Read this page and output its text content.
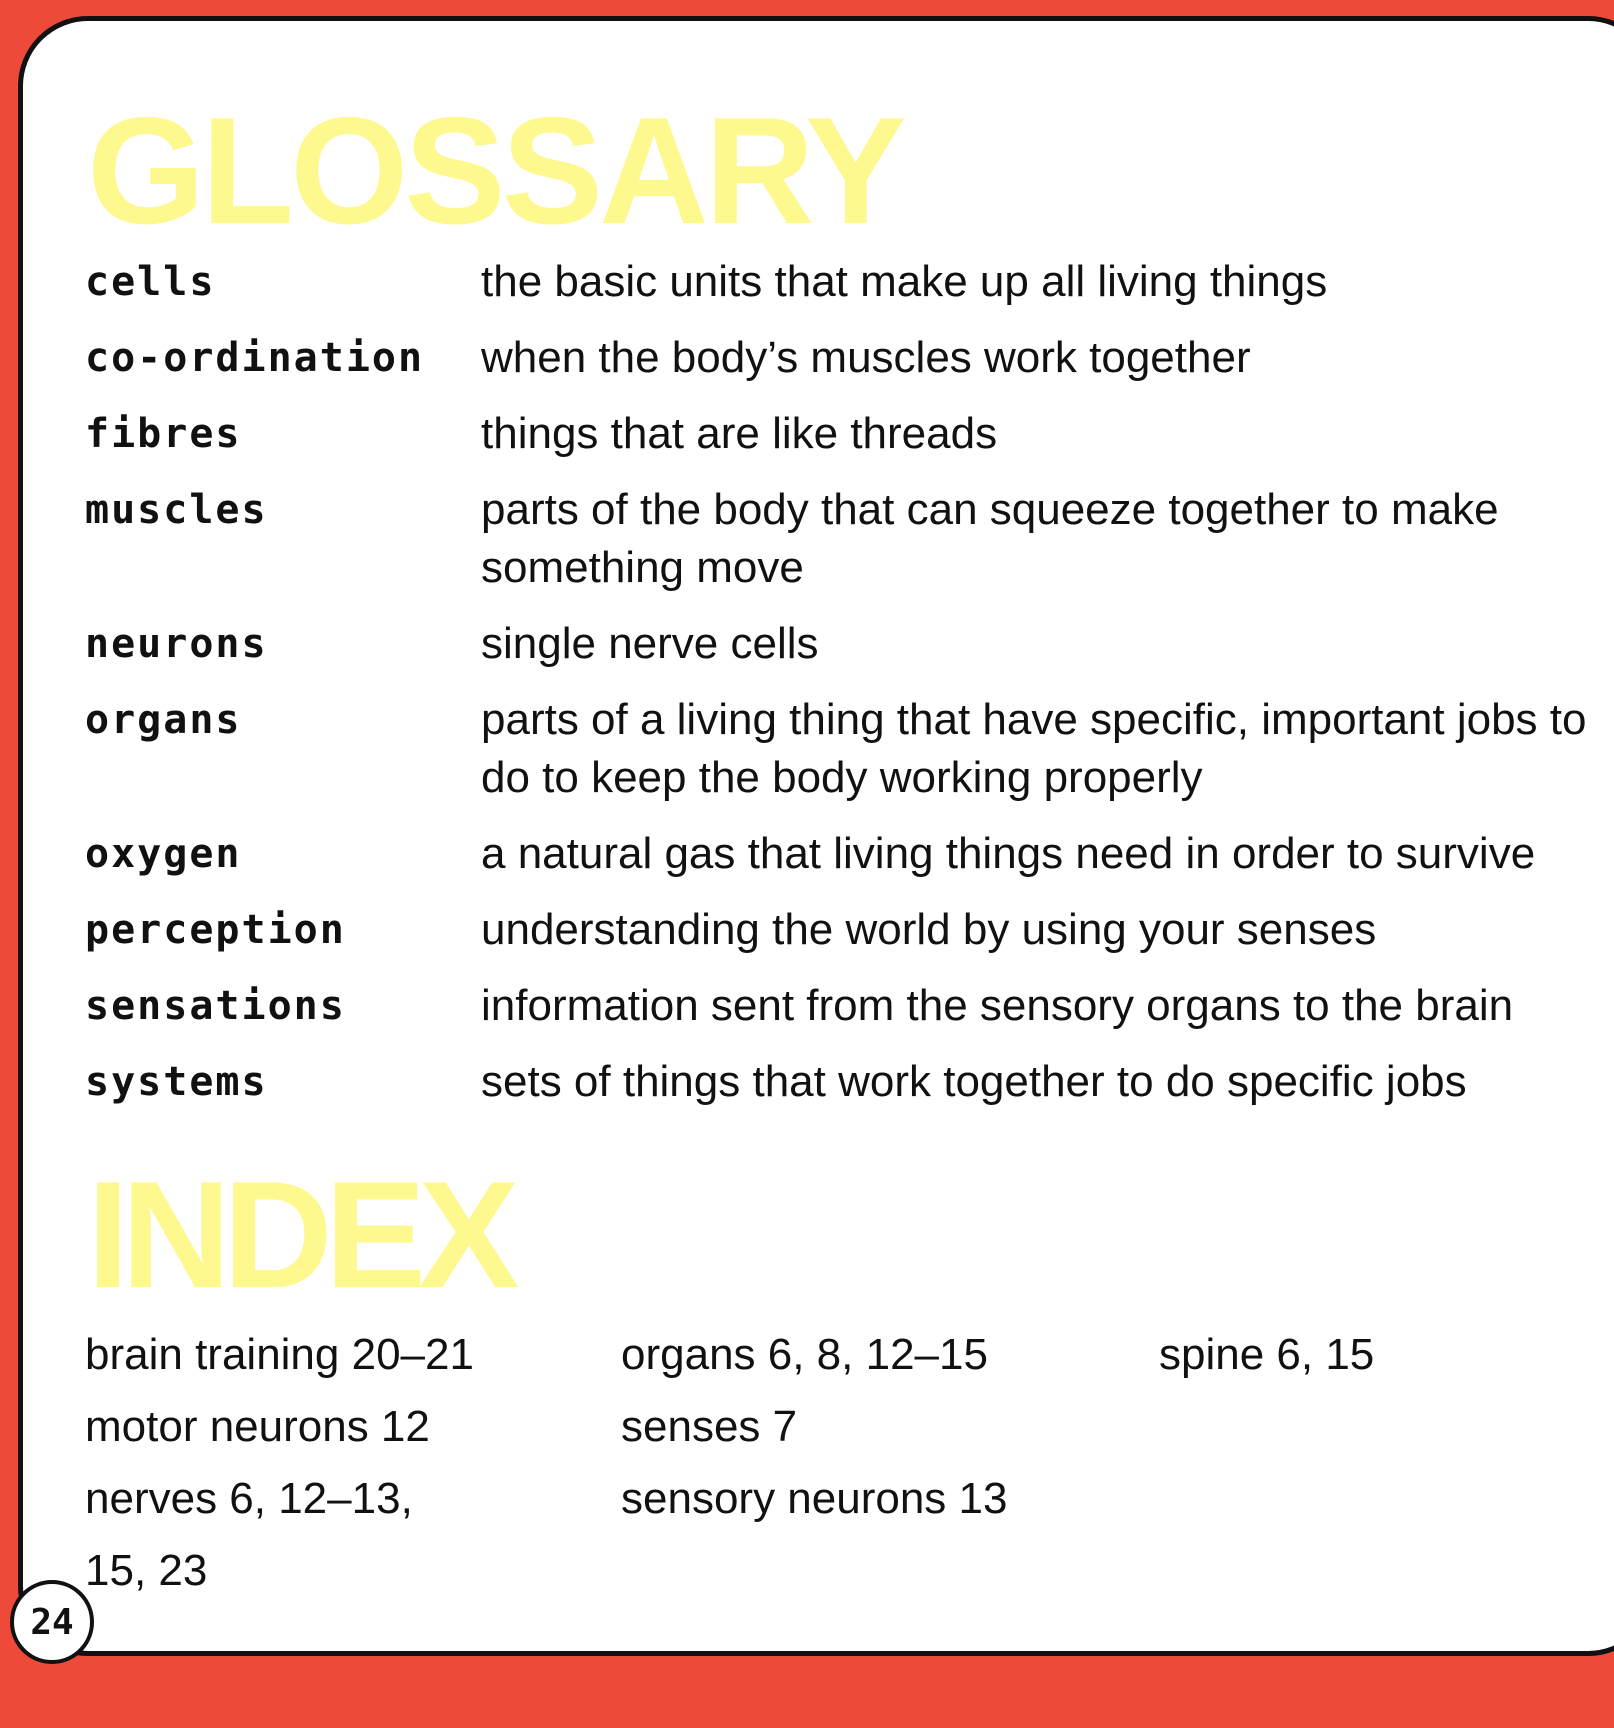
GLOSSARY
cells	the basic units that make up all living things
co-ordination	when the body’s muscles work together
fibres	things that are like threads
muscles	parts of the body that can squeeze together to make something move
neurons	single nerve cells
organs	parts of a living thing that have specific, important jobs to do to keep the body working properly
oxygen	a natural gas that living things need in order to survive
perception	understanding the world by using your senses
sensations	information sent from the sensory organs to the brain
systems	sets of things that work together to do specific jobs
INDEX
brain training 20–21
motor neurons 12
nerves 6, 12–13,
15, 23
organs 6, 8, 12–15
senses 7
sensory neurons 13
spine 6, 15
24
